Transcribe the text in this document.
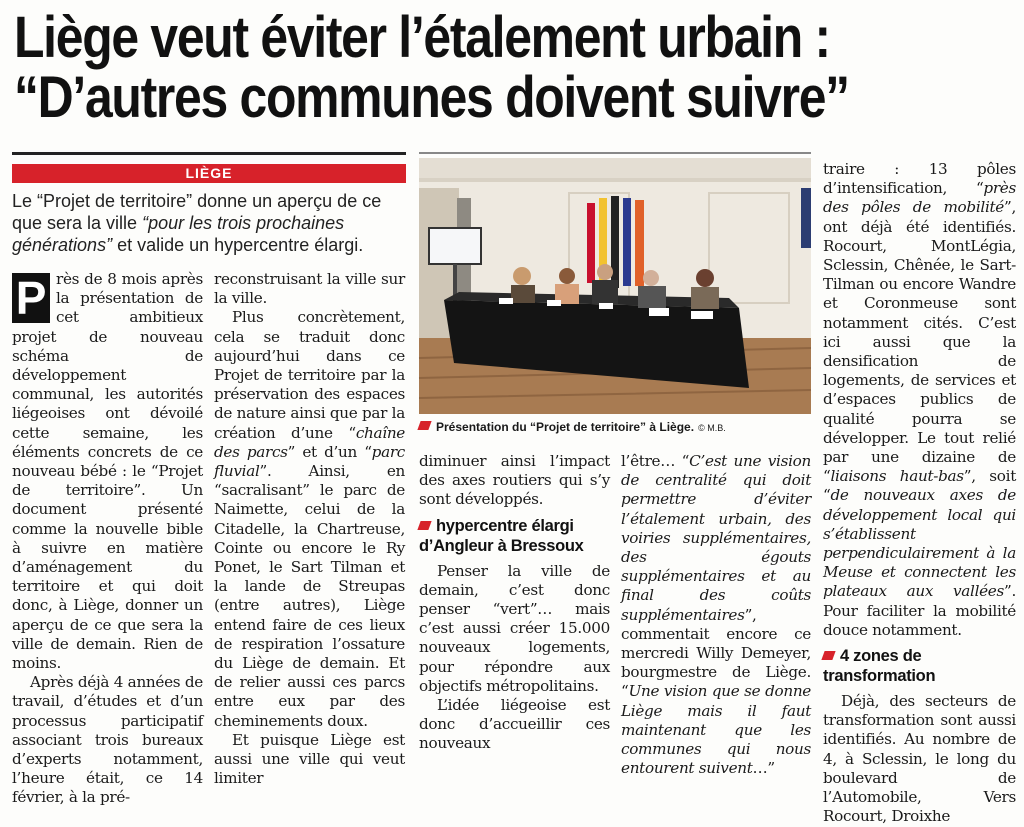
Liège veut éviter l’étalement urbain :
“D’autres communes doivent suivre”
LIÈGE
Le “Projet de territoire” donne un aperçu de ce que sera la ville “pour les trois prochaines générations” et valide un hypercentre élargi.

P rès de 8 mois après la présentation de cet ambitieux projet de nouveau schéma de développement communal, les autorités liégeoises ont dévoilé cette semaine, les éléments concrets de ce nouveau bébé : le “Projet de territoire”. Un document présenté comme la nouvelle bible à suivre en matière d’aménagement du territoire et qui doit donc, à Liège, donner un aperçu de ce que sera la ville de demain. Rien de moins.

Après déjà 4 années de travail, d’études et d’un processus participatif associant trois bureaux d’experts notamment, l’heure était, ce 14 février, à la pré-

reconstruisant la ville sur la ville.

Plus concrètement, cela se traduit donc aujourd’hui dans ce Projet de territoire par la préservation des espaces de nature ainsi que par la création d’une “chaîne des parcs” et d’un “parc fluvial”. Ainsi, en “sacralisant” le parc de Naimette, celui de la Citadelle, la Chartreuse, Cointe ou encore le Ry Ponet, le Sart Tilman et la lande de Streupas (entre autres), Liège entend faire de ces lieux de respiration l’ossature du Liège de demain. Et de relier aussi ces parcs entre eux par des cheminements doux.

Et puisque Liège est aussi une ville qui veut limiter

Présentation du “Projet de territoire” à Liège. © M.B.

diminuer ainsi l’impact des axes routiers qui s’y sont développés.

hypercentre élargi d’Angleur à Bressoux

Penser la ville de demain, c’est donc penser “vert”… mais c’est aussi créer 15.000 nouveaux logements, pour répondre aux objectifs métropolitains.

L’idée liégeoise est donc d’accueillir ces nouveaux

l’être… “C’est une vision de centralité qui doit permettre d’éviter l’étalement urbain, des voiries supplémentaires, des égouts supplémentaires et au final des coûts supplémentaires”, commentait encore ce mercredi Willy Demeyer, bourgmestre de Liège. “Une vision que se donne Liège mais il faut maintenant que les communes qui nous entourent suivent…”

traire : 13 pôles d’intensification, “près des pôles de mobilité”, ont déjà été identifiés. Rocourt, MontLégia, Sclessin, Chênée, le Sart-Tilman ou encore Wandre et Coronmeuse sont notamment cités. C’est ici aussi que la densification de logements, de services et d’espaces publics de qualité pourra se développer. Le tout relié par une dizaine de “liaisons haut-bas”, soit “de nouveaux axes de développement local qui s’établissent perpendiculairement à la Meuse et connectent les plateaux aux vallées”. Pour faciliter la mobilité douce notamment.

4 zones de transformation

Déjà, des secteurs de transformation sont aussi identifiés. Au nombre de 4, à Sclessin, le long du boulevard de l’Automobile, Vers Rocourt, Droixhe
